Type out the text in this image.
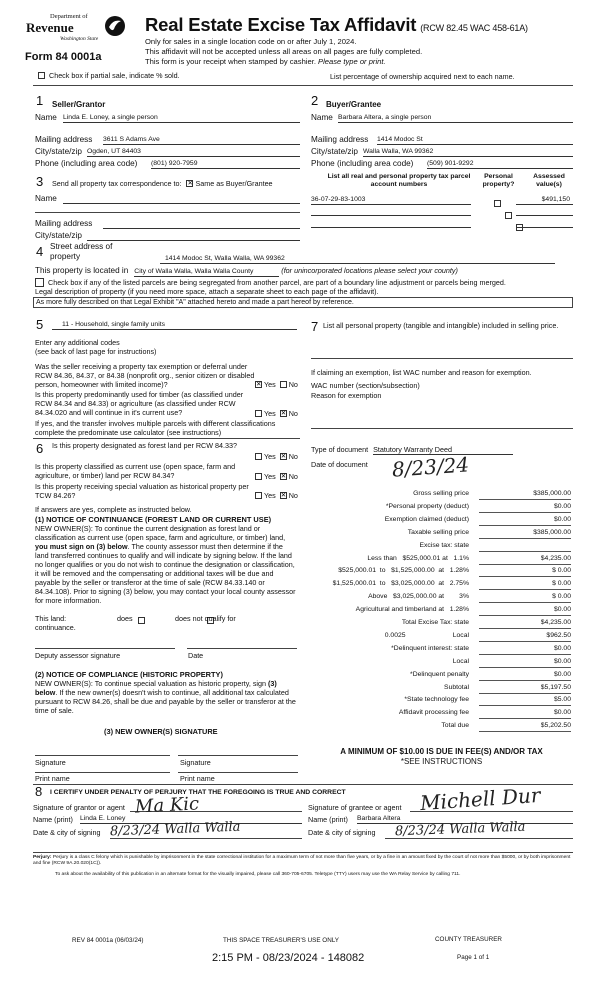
Department of
Revenue
Washington State
Form 84 0001a
Real Estate Excise Tax Affidavit (RCW 82.45 WAC 458-61A)
Only for sales in a single location code on or after July 1, 2024.
This affidavit will not be accepted unless all areas on all pages are fully completed.
This form is your receipt when stamped by cashier. Please type or print.
Check box if partial sale, indicate % sold.	List percentage of ownership acquired next to each name.
1 Seller/Grantor
Name Linda E. Loney, a single person
Mailing address 3611 S Adams Ave
City/state/zip Ogden, UT 84403
Phone (including area code) (801) 920-7959
2 Buyer/Grantee
Name Barbara Altera, a single person
Mailing address 1414 Modoc St
City/state/zip Walla Walla, WA 99362
Phone (including area code) (509) 901-9292
3 Send all property tax correspondence to: ✕ Same as Buyer/Grantee
Name
Mailing address
City/state/zip
List all real and personal property tax parcel account numbers
Personal property?
Assessed value(s)
36-07-29-83-1003
	$491,150

4 Street address of property	1414 Modoc St, Walla Walla, WA 99362
This property is located in City of Walla Walla, Walla Walla County	(for unincorporated locations please select your county)
Check box if any of the listed parcels are being segregated from another parcel, are part of a boundary line adjustment or parcels being merged.
Legal description of property (if you need more space, attach a separate sheet to each page of the affidavit).
As more fully described on that Legal Exhibit "A" attached hereto and made a part hereof by reference.
5	11 - Household, single family units
Enter any additional codes
(see back of last page for instructions)
Was the seller receiving a property tax exemption or deferral under RCW 84.36, 84.37, or 84.38 (nonprofit org., senior citizen or disabled person, homeowner with limited income)? ✕	Yes No
Is this property predominantly used for timber (as classified under RCW 84.34 and 84.33) or agriculture (as classified under RCW 84.34.020 and will continue in it's current use?	Yes ✕ No
If yes, and the transfer involves multiple parcels with different classifications complete the predominate use calculator (see instructions)
6 Is this property designated as forest land per RCW 84.33?
Yes ✕ No
Is this property classified as current use (open space, farm and agriculture, or timber) land per RCW 84.34?	Yes ✕ No
Is this property receiving special valuation as historical property per TCW 84.26?	Yes ✕ No
If answers are yes, complete as instructed below.
(1) NOTICE OF CONTINUANCE (FOREST LAND OR CURRENT USE)
NEW OWNER(S): To continue the current designation as forest land or classification as current use (open space, farm and agriculture, or timber) land, you must sign on (3) below. The county assessor must then determine if the land transferred continues to qualify and will indicate by signing below. If the land no longer qualifies or you do not wish to continue the designation or classification, it will be removed and the compensating or additional taxes will be due and payable by the seller or transferor at the time of sale (RCW 84.33.140 or 84.34.108). Prior to signing (3) below, you may contact your local county assessor for more information.
This land:	does	does not qualify for
continuance.
Deputy assessor signature	Date
(2) NOTICE OF COMPLIANCE (HISTORIC PROPERTY)
NEW OWNER(S): To continue special valuation as historic property, sign (3) below. If the new owner(s) doesn't wish to continue, all additional tax calculated pursuant to RCW 84.26, shall be due and payable by the seller or transferor at the time of sale.
(3) NEW OWNER(S) SIGNATURE
Signature	Signature
Print name	Print name
7 List all personal property (tangible and intangible) included in selling price.
If claiming an exemption, list WAC number and reason for exemption.
WAC number (section/subsection)
Reason for exemption
Type of document Statutory Warranty Deed
Date of document 8/23/24
Gross selling price	$385,000.00
*Personal property (deduct)	$0.00
Exemption claimed (deduct)	$0.00
Taxable selling price	$385,000.00
Excise tax: state
Less than   $525,000.01 at   1.1%	$4,235.00
$525,000.01  to   $1,525,000.00  at   1.28%	$ 0.00
$1,525,000.01  to   $3,025,000.00  at   2.75%	$ 0.00
Above   $3,025,000.00 at        3%	$ 0.00
Agricultural and timberland at   1.28%	$0.00
Total Excise Tax: state	$4,235.00
0.0025                         Local	$962.50
*Delinquent interest: state	$0.00
Local	$0.00
*Delinquent penalty	$0.00
Subtotal	$5,197.50
*State technology fee	$5.00
Affidavit processing fee	$0.00
Total due	$5,202.50
A MINIMUM OF $10.00 IS DUE IN FEE(S) AND/OR TAX
*SEE INSTRUCTIONS
8 I CERTIFY UNDER PENALTY OF PERJURY THAT THE FOREGOING IS TRUE AND CORRECT
Signature of grantor or agent Ma Kic	Signature of grantee or agent Michell Dur
Name (print) Linda E. Loney	Name (print) Barbara Altera
Date & city of signing 8/23/24 Walla Walla	Date & city of signing 8/23/24 Walla Walla
Perjury: Perjury is a class C felony which is punishable by imprisonment in the state correctional institution for a maximum term of not more than five years, or by a fine in an amount fixed by the court of not more than $5000, or by both imprisonment and fine (RCW 9A.20.020(1C)).
To ask about the availability of this publication in an alternate format for the visually impaired, please call 360-705-6705. Teletype (TTY) users may use the WA Relay Service by calling 711.
REV 84 0001a (06/03/24)	THIS SPACE TREASURER'S USE ONLY	COUNTY TREASURER
2:15 PM - 08/23/2024 - 148082	Page 1 of 1
